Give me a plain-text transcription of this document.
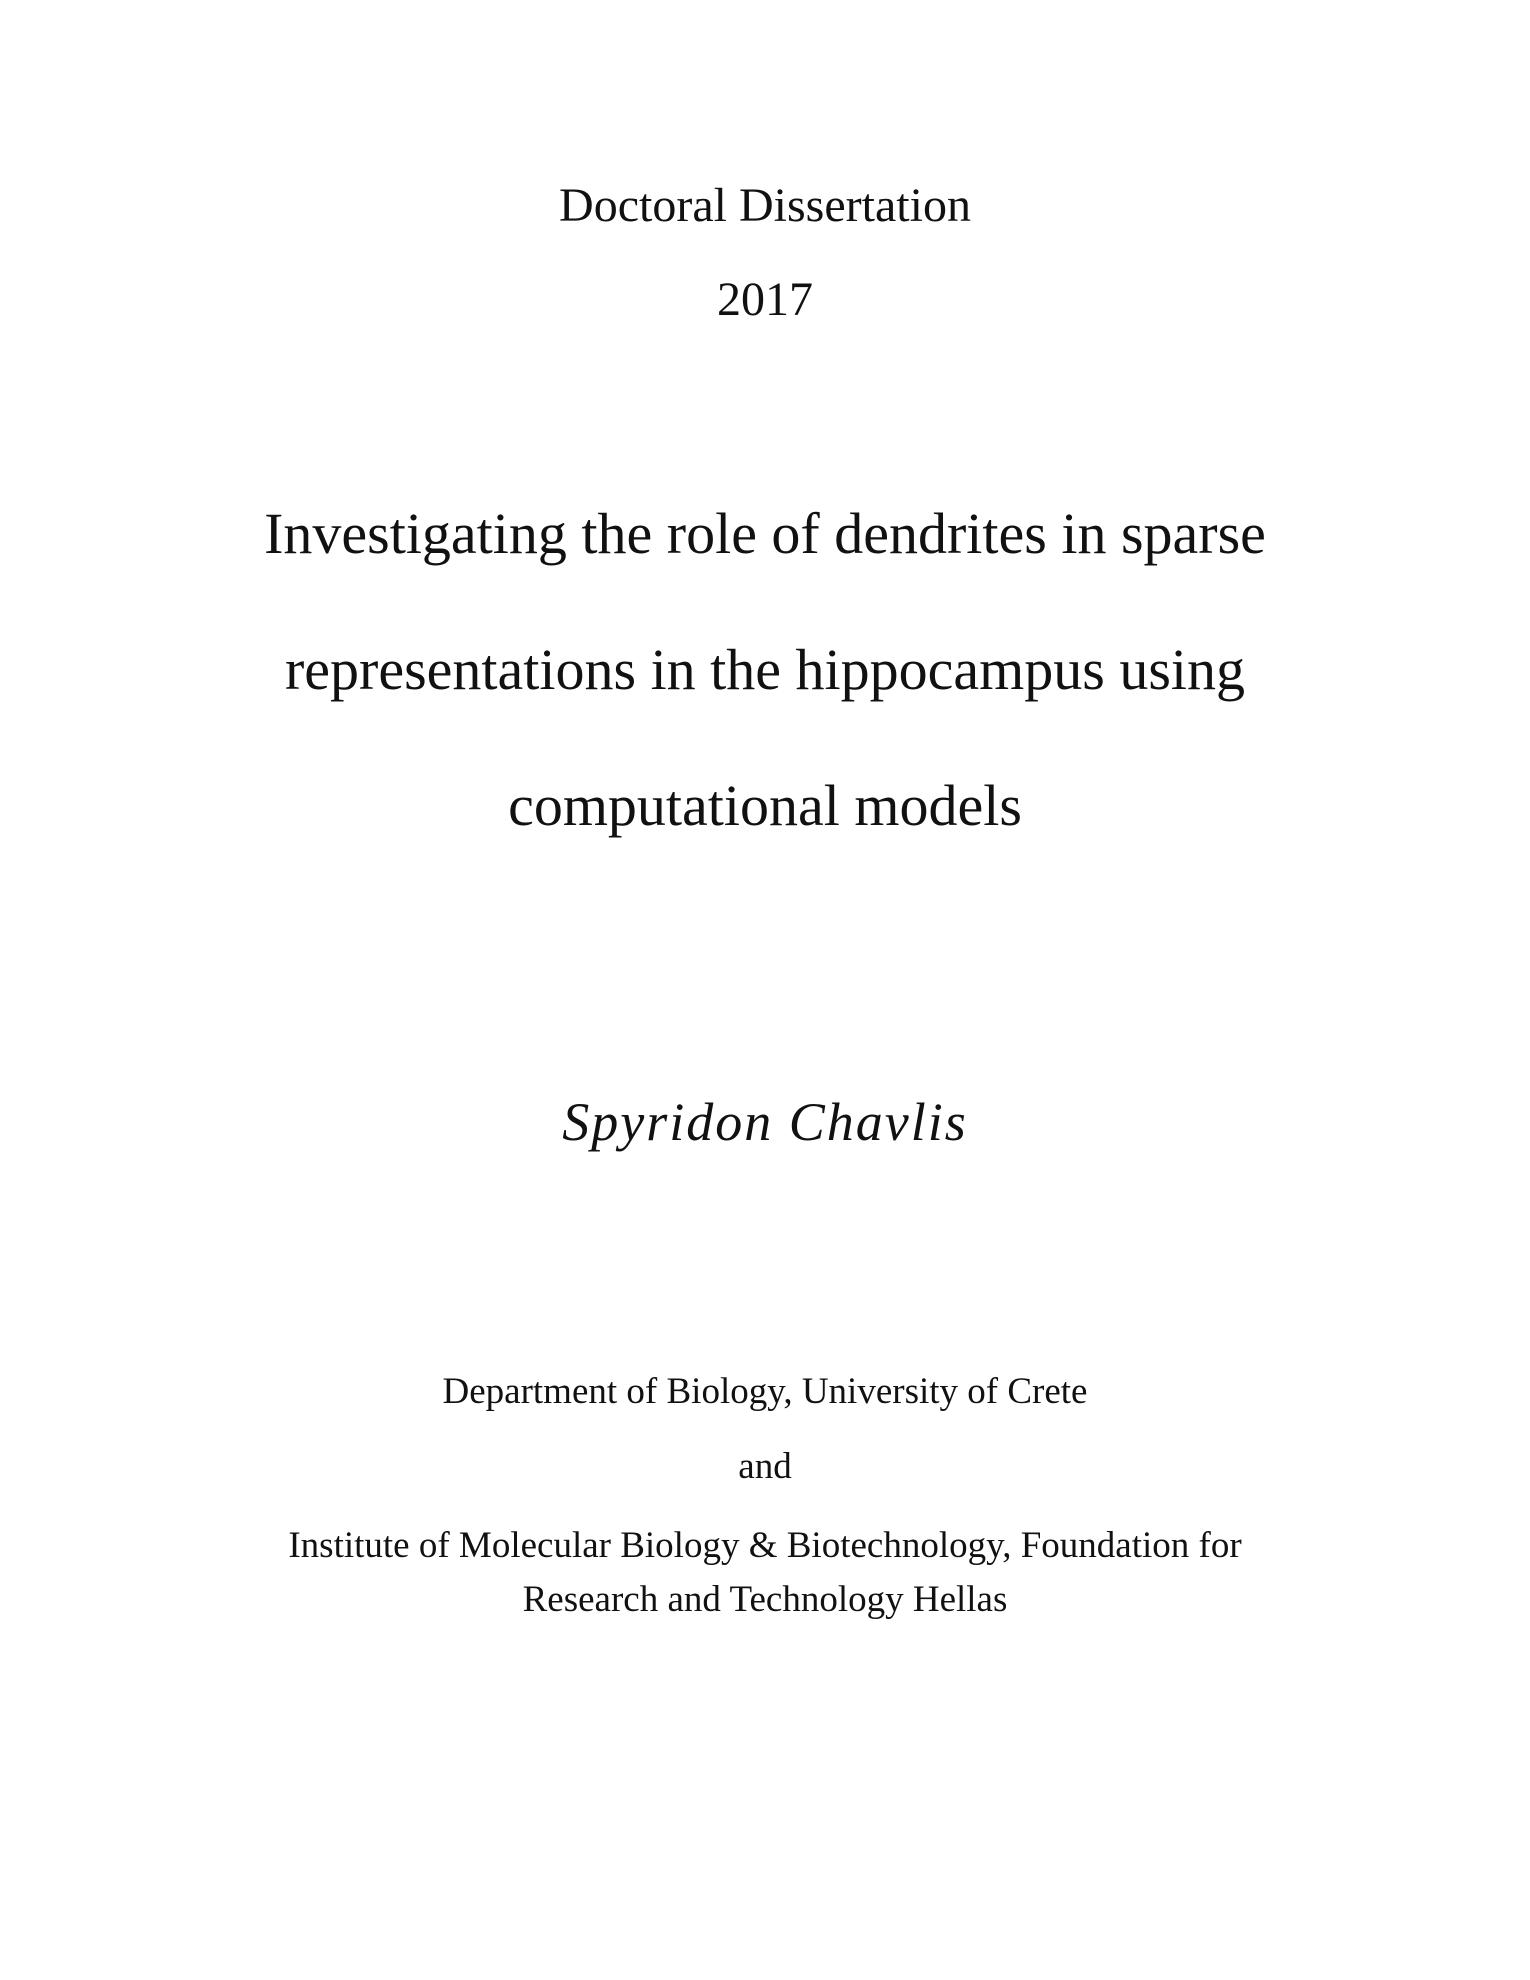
Doctoral Dissertation

2017

Investigating the role of dendrites in sparse

representations in the hippocampus using

computational models

Spyridon Chavlis

Department of Biology, University of Crete

and

Institute of Molecular Biology & Biotechnology, Foundation for

Research and Technology Hellas
